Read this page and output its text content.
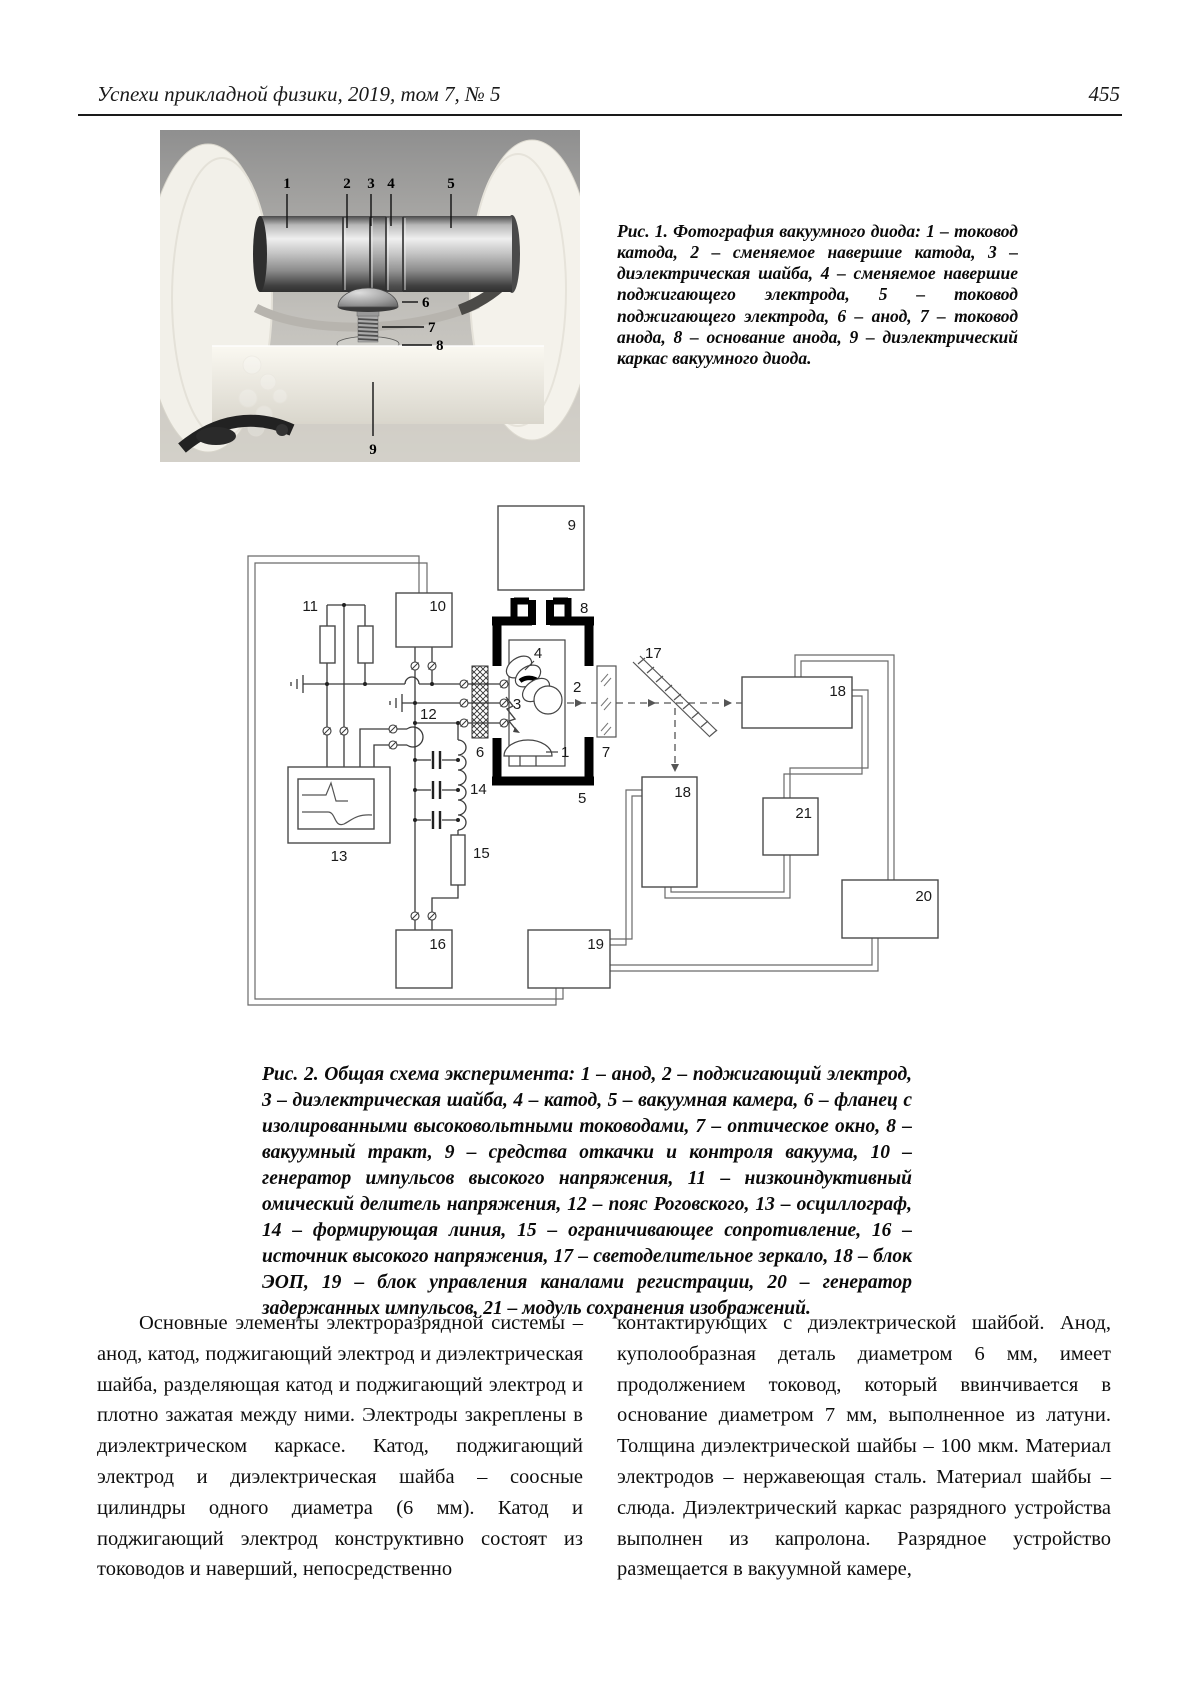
Успехи прикладной физики, 2019, том 7, № 5	455
1	2 3 4	5
9
6
7
8

Рис. 1. Фотография вакуумного диода: 1 – токовод катода, 2 – сменяемое навершие катода, 3 – диэлектрическая шайба, 4 – сменяемое навершие поджигающего электрода, 5 – токовод поджигающего электрода, 6 – анод, 7 – токовод анода, 8 – основание анода, 9 – диэлектрический каркас вакуумного диода.

9
10
11
16	19
18
18
21
20
8
5
12
14
15
17
2
1
13
7
6
4
3

Рис. 2. Общая схема эксперимента: 1 – анод, 2 – поджигающий электрод, 3 – диэлектрическая шайба, 4 – катод, 5 – вакуумная камера, 6 – фланец с изолированными высоковольтными тоководами, 7 – оптическое окно, 8 – вакуумный тракт, 9 – средства откачки и контроля вакуума, 10 – генератор импульсов высокого напряжения, 11 – низкоиндуктивный омический делитель напряжения, 12 – пояс Роговского, 13 – осциллограф, 14 – формирующая линия, 15 – ограничивающее сопротивление, 16 – источник высокого напряжения, 17 – светоделительное зеркало, 18 – блок ЭОП, 19 – блок управления каналами регистрации, 20 – генератор задержанных импульсов, 21 – модуль сохранения изображений.

Основные элементы электроразрядной системы – анод, катод, поджигающий электрод и диэлектрическая шайба, разделяющая катод и поджигающий электрод и плотно зажатая между ними. Электроды закреплены в диэлектрическом каркасе. Катод, поджигающий электрод и диэлектрическая шайба – соосные цилиндры одного диаметра (6 мм). Катод и поджигающий электрод конструктивно состоят из тоководов и наверший, непосредственно

контактирующих с диэлектрической шайбой. Анод, куполообразная деталь диаметром 6 мм, имеет продолжением токовод, который ввинчивается в основание диаметром 7 мм, выполненное из латуни. Толщина диэлектрической шайбы – 100 мкм. Материал электродов – нержавеющая сталь. Материал шайбы – слюда. Диэлектрический каркас разрядного устройства выполнен из капролона. Разрядное устройство размещается в вакуумной камере,
